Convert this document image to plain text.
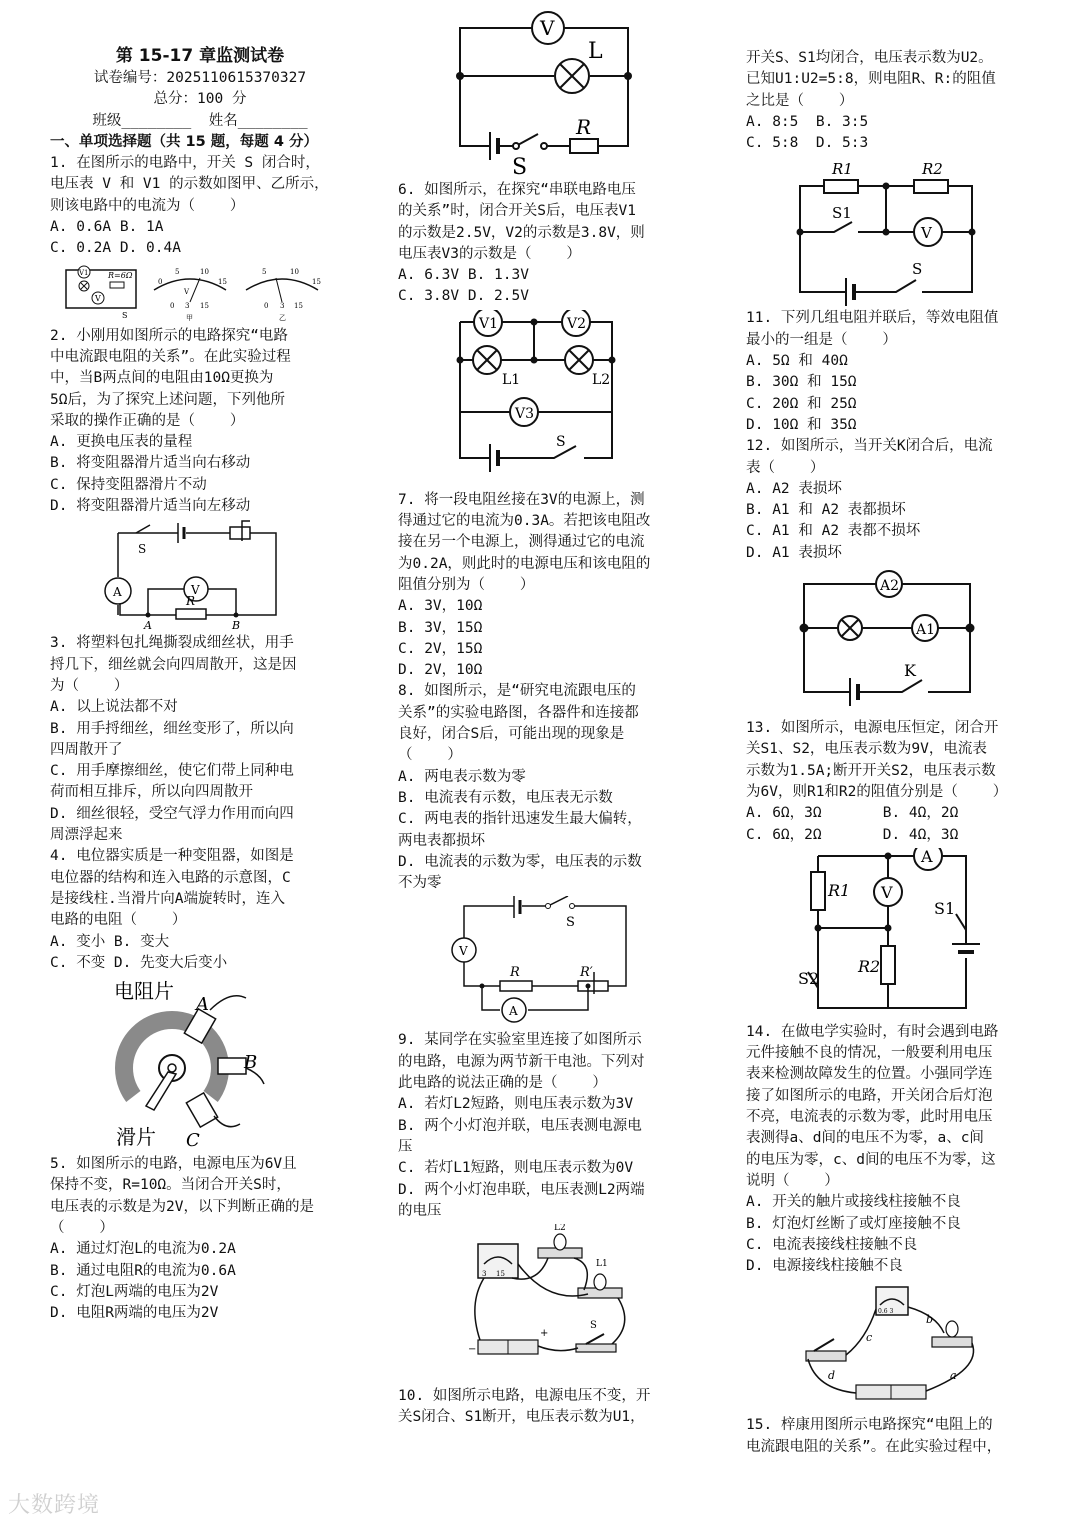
第 15-17 章监测试卷
试卷编号：2025110615370327
总分：100 分
班级________  姓名________
一、单项选择题（共 15 题，每题 4 分）
1. 在图所示的电路中，开关 S 闭合时，
电压表 V 和 V1 的示数如图甲、乙所示，
则该电路中的电流为（    ）
A. 0.6A B. 1A
C. 0.2A D. 0.4A
V1 R=6Ω
V
S
0
5	10
15
V
0 3 15
甲
5	10
15
0 3 15
乙
2. 小刚用如图所示的电路探究“电路
中电流跟电阻的关系”。在此实验过程
中，当B两点间的电阻由10Ω更换为
5Ω后，为了探究上述问题，下列他所
采取的操作正确的是（    ）
A. 更换电压表的量程
B. 将变阻器滑片适当向右移动
C. 保持变阻器滑片不动
D. 将变阻器滑片适当向左移动
S
A	V
R
A	B
3. 将塑料包扎绳撕裂成细丝状，用手
捋几下，细丝就会向四周散开，这是因
为（    ）
A. 以上说法都不对
B. 用手捋细丝，细丝变形了，所以向
四周散开了
C. 用手摩擦细丝，使它们带上同种电
荷而相互排斥，所以向四周散开
D. 细丝很轻，受空气浮力作用而向四
周漂浮起来
4. 电位器实质是一种变阻器，如图是
电位器的结构和连入电路的示意图，C
是接线柱.当滑片向A端旋转时，连入
电路的电阻（    ）
A. 变小 B. 变大
C. 不变 D. 先变大后变小
电阻片
A
B
C
滑片
5. 如图所示的电路，电源电压为6V且
保持不变，R=10Ω。当闭合开关S时，
电压表的示数是为2V，以下判断正确的是
（    ）
A. 通过灯泡L的电流为0.2A
B. 通过电阻R的电流为0.6A
C. 灯泡L两端的电压为2V
D. 电阻R两端的电压为2V
V
L
R
S
6. 如图所示，在探究“串联电路电压
的关系”时，闭合开关S后，电压表V1
的示数是2.5V，V2的示数是3.8V，则
电压表V3的示数是（    ）
A. 6.3V B. 1.3V
C. 3.8V D. 2.5V
V1	V2
L1	L2
V3
S
7. 将一段电阻丝接在3V的电源上，测
得通过它的电流为0.3A。若把该电阻改
接在另一个电源上，测得通过它的电流
为0.2A，则此时的电源电压和该电阻的
阻值分别为（    ）
A. 3V，10Ω
B. 3V，15Ω
C. 2V，15Ω
D. 2V，10Ω
8. 如图所示，是“研究电流跟电压的
关系”的实验电路图，各器件和连接都
良好，闭合S后，可能出现的现象是
（    ）
A. 两电表示数为零
B. 电流表有示数，电压表无示数
C. 两电表的指针迅速发生最大偏转，
两电表都损坏
D. 电流表的示数为零，电压表的示数
不为零
S
V
R	R′
A
9. 某同学在实验室里连接了如图所示
的电路，电源为两节新干电池。下列对
此电路的说法正确的是（    ）
A. 若灯L2短路，则电压表示数为3V
B. 两个小灯泡并联，电压表测电源电
压
C. 若灯L1短路，则电压表示数为0V
D. 两个小灯泡串联，电压表测L2两端
的电压
3 15
L2
L1
−
+
S
10. 如图所示电路，电源电压不变，开
关S闭合、S1断开，电压表示数为U1，
开关S、S1均闭合，电压表示数为U2。
已知U1:U2=5:8，则电阻R、R:的阻值
之比是（    ）
A. 8:5  B. 3:5
C. 5:8  D. 5:3
R1	R2
S1
V
S
11. 下列几组电阻并联后，等效电阻值
最小的一组是（    ）
A. 5Ω 和 40Ω
B. 30Ω 和 15Ω
C. 20Ω 和 25Ω
D. 10Ω 和 35Ω
12. 如图所示，当开关K闭合后，电流
表（    ）
A. A2 表损坏
B. A1 和 A2 表都损坏
C. A1 和 A2 表都不损坏
D. A1 表损坏
A2
A1
K
13. 如图所示，电源电压恒定，闭合开
关S1、S2，电压表示数为9V，电流表
示数为1.5A;断开开关S2，电压表示数
为6V，则R1和R2的阻值分别是（    ）
A. 6Ω，3Ω       B. 4Ω，2Ω
C. 6Ω，2Ω       D. 4Ω，3Ω
A
R1 V
S1
R2
S2
14. 在做电学实验时，有时会遇到电路
元件接触不良的情况，一般要利用电压
表来检测故障发生的位置。小强同学连
接了如图所示的电路，开关闭合后灯泡
不亮，电流表的示数为零，此时用电压
表测得a、d间的电压不为零，a、c间
的电压为零，c、d间的电压不为零，这
说明（    ）
A. 开关的触片或接线柱接触不良
B. 灯泡灯丝断了或灯座接触不良
C. 电流表接线柱接触不良
D. 电源接线柱接触不良
0.6 3
b
c
d	a
15. 梓康用图所示电路探究“电阻上的
电流跟电阻的关系”。在此实验过程中，
大数跨境
